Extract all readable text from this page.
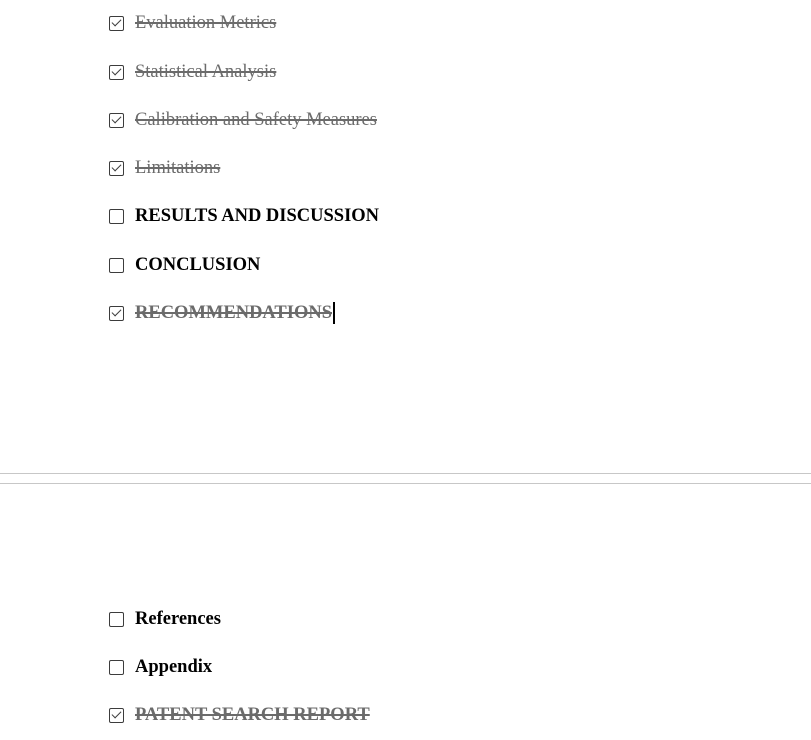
Evaluation Metrics
Statistical Analysis
Calibration and Safety Measures
Limitations
RESULTS AND DISCUSSION
CONCLUSION
RECOMMENDATIONS
References
Appendix
PATENT SEARCH REPORT
